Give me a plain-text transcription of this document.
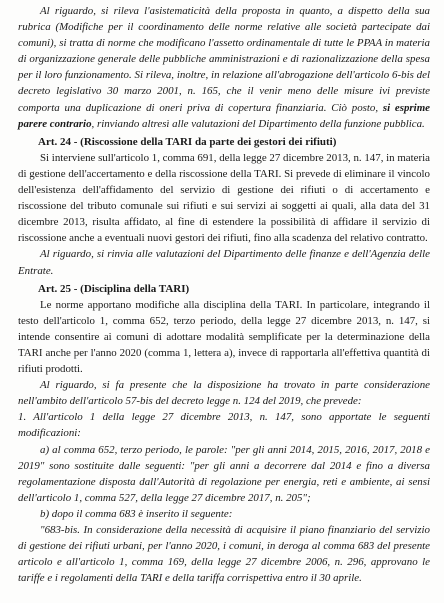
Al riguardo, si rileva l'asistematicità della proposta in quanto, a dispetto della sua rubrica (Modifiche per il coordinamento delle norme relative alle società partecipate dai comuni), si tratta di norme che modificano l'assetto ordinamentale di tutte le PPAA in materia di organizzazione generale delle pubbliche amministrazioni e di razionalizzazione della spesa per il loro funzionamento. Si rileva, inoltre, in relazione all'abrogazione dell'articolo 6-bis del decreto legislativo 30 marzo 2001, n. 165, che il venir meno delle misure ivi previste comporta una duplicazione di oneri priva di copertura finanziaria. Ciò posto, si esprime parere contrario, rinviando altresì alle valutazioni del Dipartimento della funzione pubblica.

Art. 24 - (Riscossione della TARI da parte dei gestori dei rifiuti)

Si interviene sull'articolo 1, comma 691, della legge 27 dicembre 2013, n. 147, in materia di gestione dell'accertamento e della riscossione della TARI. Si prevede di eliminare il vincolo dell'esistenza dell'affidamento del servizio di gestione dei rifiuti o di accertamento e riscossione del tributo comunale sui rifiuti e sui servizi ai soggetti ai quali, alla data del 31 dicembre 2013, risulta affidato, al fine di estendere la possibilità di affidare il servizio di riscossione anche a eventuali nuovi gestori dei rifiuti, fino alla scadenza del relativo contratto.

Al riguardo, si rinvia alle valutazioni del Dipartimento delle finanze e dell'Agenzia delle Entrate.

Art. 25 - (Disciplina della TARI)

Le norme apportano modifiche alla disciplina della TARI. In particolare, integrando il testo dell'articolo 1, comma 652, terzo periodo, della legge 27 dicembre 2013, n. 147, si intende consentire ai comuni di adottare modalità semplificate per la determinazione della TARI anche per l'anno 2020 (comma 1, lettera a), invece di rapportarla all'effettiva quantità di rifiuti prodotti.

Al riguardo, si fa presente che la disposizione ha trovato in parte considerazione nell'ambito dell'articolo 57-bis del decreto legge n. 124 del 2019, che prevede:

1. All'articolo 1 della legge 27 dicembre 2013, n. 147, sono apportate le seguenti modificazioni:

a) al comma 652, terzo periodo, le parole: "per gli anni 2014, 2015, 2016, 2017, 2018 e 2019" sono sostituite dalle seguenti: "per gli anni a decorrere dal 2014 e fino a diversa regolamentazione disposta dall'Autorità di regolazione per energia, reti e ambiente, ai sensi dell'articolo 1, comma 527, della legge 27 dicembre 2017, n. 205";

b) dopo il comma 683 è inserito il seguente:

"683-bis. In considerazione della necessità di acquisire il piano finanziario del servizio di gestione dei rifiuti urbani, per l'anno 2020, i comuni, in deroga al comma 683 del presente articolo e all'articolo 1, comma 169, della legge 27 dicembre 2006, n. 296, approvano le tariffe e i regolamenti della TARI e della tariffa corrispettiva entro il 30 aprile.
